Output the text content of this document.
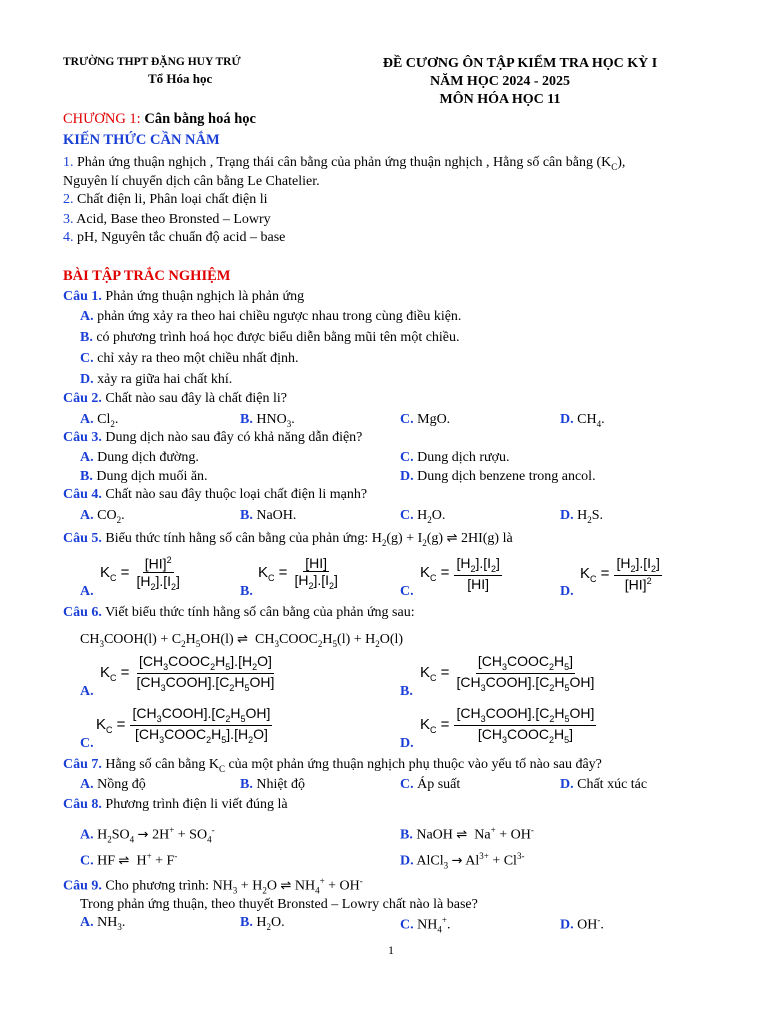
TRƯỜNG THPT ĐẶNG HUY TRỨ
Tổ Hóa học
ĐỀ CƯƠNG ÔN TẬP KIỂM TRA HỌC KỲ I
NĂM HỌC 2024 - 2025
MÔN HÓA HỌC 11
CHƯƠNG 1: Cân bằng hoá học
KIẾN THỨC CẦN NẮM
1. Phản ứng thuận nghịch , Trạng thái cân bằng của phản ứng thuận nghịch , Hằng số cân bằng $(K_C)$,
Nguyên lí chuyển dịch cân bằng Le Chatelier.
2. Chất điện li, Phân loại chất điện li
3. Acid, Base theo Bronsted – Lowry
4. pH, Nguyên tắc chuẩn độ acid – base
BÀI TẬP TRẮC NGHIỆM
Câu 1. Phản ứng thuận nghịch là phản ứng
A. phản ứng xảy ra theo hai chiều ngược nhau trong cùng điều kiện.
B. có phương trình hoá học được biểu diễn bằng mũi tên một chiều.
C. chỉ xảy ra theo một chiều nhất định.
D. xảy ra giữa hai chất khí.
Câu 2. Chất nào sau đây là chất điện li?
A. $Cl_2$.	B. $HNO_3$.	C. MgO.	D. $CH_4$.
Câu 3. Dung dịch nào sau đây có khả năng dẫn điện?
A. Dung dịch đường.	C. Dung dịch rượu.
B. Dung dịch muối ăn.	D. Dung dịch benzene trong ancol.
Câu 4. Chất nào sau đây thuộc loại chất điện li mạnh?
A. $CO_2$.	B. NaOH.	C. $H_2O$.	D. $H_2S$.
Câu 5. Biểu thức tính hằng số cân bằng của phản ứng: $H_2(g) + I_2(g)$ ⇌ 2HI(g) là
A.
$K_C = \frac{[HI]^2}{[H_2].[I_2]}$	B.
$K_C = \frac{[HI]}{[H_2].[I_2]}$	C.
$K_C = \frac{[H_2].[I_2]}{[HI]}$	D.
$K_C = \frac{[H_2].[I_2]}{[HI]^2}$
Câu 6. Viết biểu thức tính hằng số cân bằng của phản ứng sau:
$CH_3COOH(l) + C_2H_5OH(l)$ ⇌  $CH_3COOC_2H_5(l) + H_2O(l)$
A.
$K_C = \frac{[CH_3COOC_2H_5].[H_2O]}{[CH_3COOH].[C_2H_5OH]}$	B.
$K_C = \frac{[CH_3COOC_2H_5]}{[CH_3COOH].[C_2H_5OH]}$
C.
$K_C = \frac{[CH_3COOH].[C_2H_5OH]}{[CH_3COOC_2H_5].[H_2O]}$	D.
$K_C = \frac{[CH_3COOH].[C_2H_5OH]}{[CH_3COOC_2H_5]}$
Câu 7. Hằng số cân bằng $K_C$ của một phản ứng thuận nghịch phụ thuộc vào yếu tố nào sau đây?
A. Nồng độ	B. Nhiệt độ	C. Áp suất	D. Chất xúc tác
Câu 8. Phương trình điện li viết đúng là
A. $H_2SO_4 \to 2H^+ + SO_4^-$	B. NaOH ⇌  Na+ + OH-
C. HF ⇌  H+ + F-	D. AlCl$_3$ → $Al^{3+} + Cl^{3-}$
Câu 9. Cho phương trình: $NH_3 + H_2O$ ⇌ $NH_4^+ + OH^-$
Trong phản ứng thuận, theo thuyết Bronsted – Lowry chất nào là base?
A. $NH_3$.	B. $H_2O$.	C. $NH_4^+$.	D. OH-.
1
